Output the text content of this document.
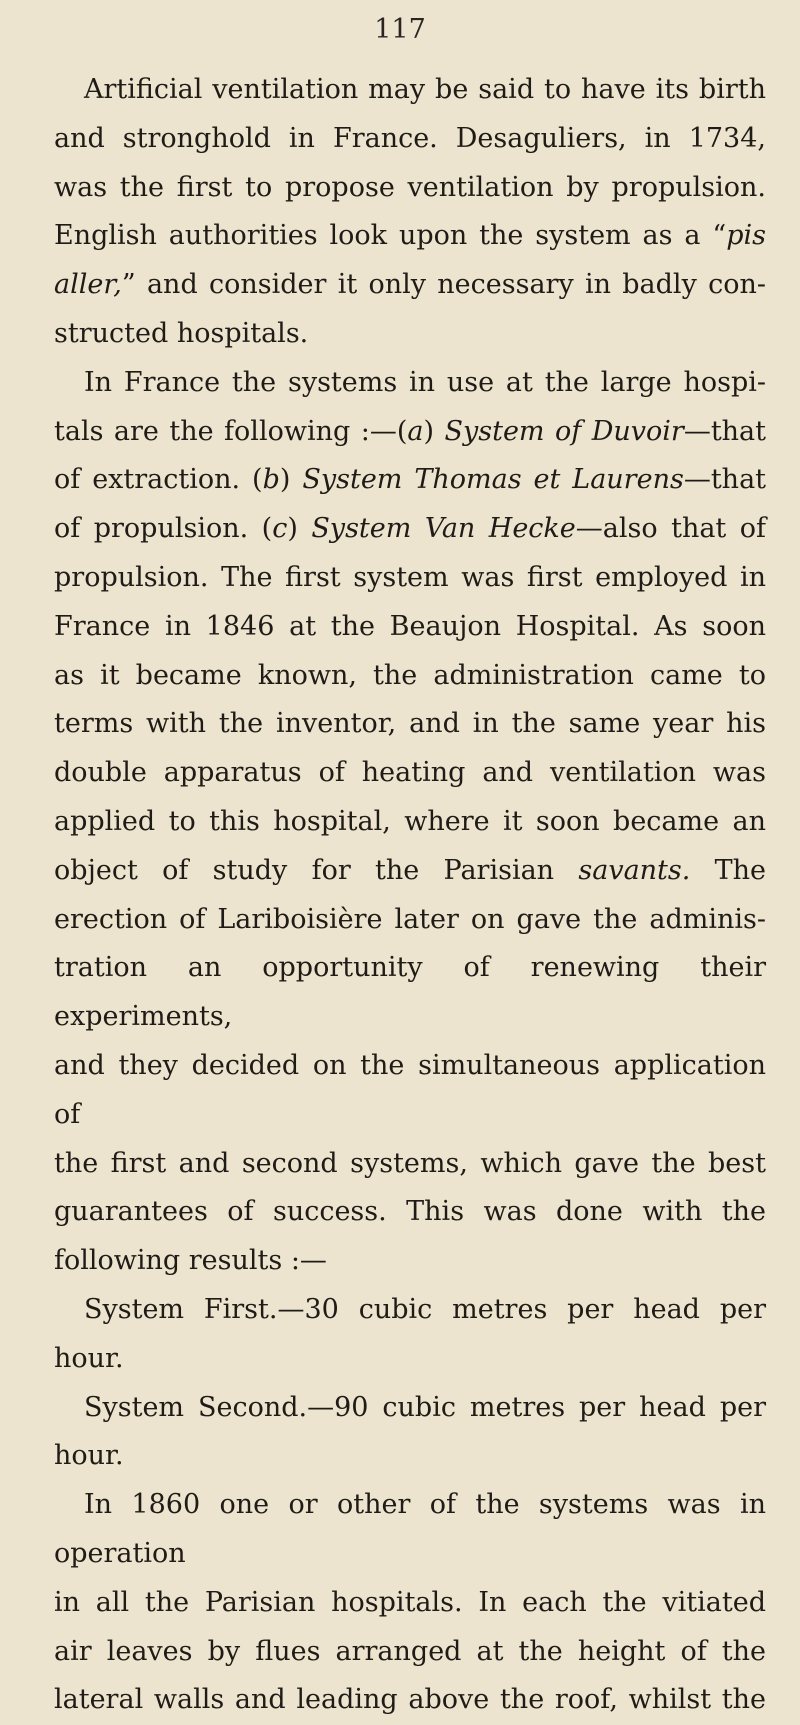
117

Artificial ventilation may be said to have its birth

and stronghold in France. Desaguliers, in 1734,

was the first to propose ventilation by propulsion.

English authorities look upon the system as a “pis

aller,” and consider it only necessary in badly con-

structed hospitals.

In France the systems in use at the large hospi-

tals are the following :—(a) System of Duvoir—that

of extraction. (b) System Thomas et Laurens—that

of propulsion. (c) System Van Hecke—also that of

propulsion. The first system was first employed in

France in 1846 at the Beaujon Hospital. As soon

as it became known, the administration came to

terms with the inventor, and in the same year his

double apparatus of heating and ventilation was

applied to this hospital, where it soon became an

object of study for the Parisian savants. The

erection of Lariboisière later on gave the adminis-

tration an opportunity of renewing their experiments,

and they decided on the simultaneous application of

the first and second systems, which gave the best

guarantees of success. This was done with the

following results :—

System First.—30 cubic metres per head per hour.

System Second.—90 cubic metres per head per

hour.

In 1860 one or other of the systems was in operation

in all the Parisian hospitals. In each the vitiated

air leaves by flues arranged at the height of the

lateral walls and leading above the roof, whilst the
